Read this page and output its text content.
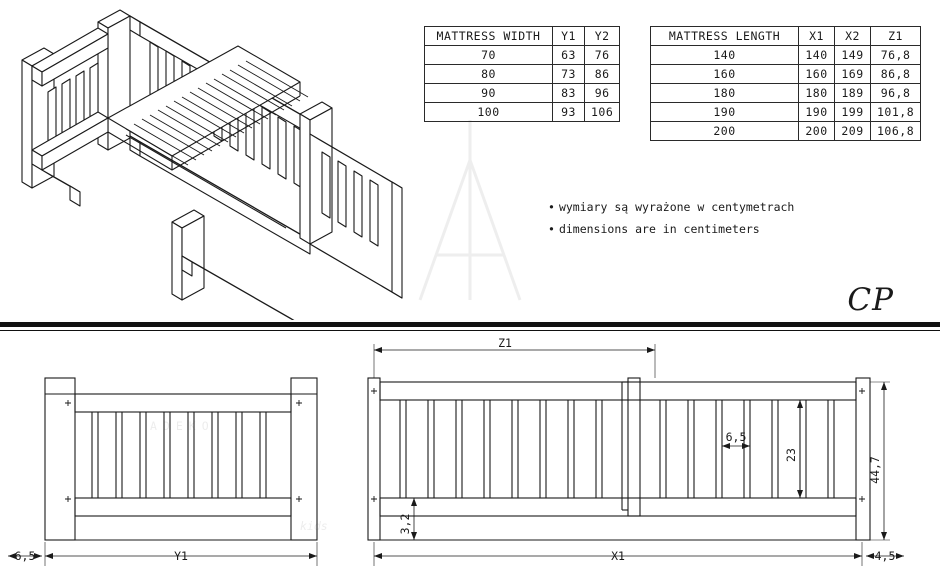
ADEKO
kids
MATTRESS WIDTH	Y1	Y2
70	63	76
80	73	86
90	83	96
100	93	106
MATTRESS LENGTH	X1	X2	Z1
140	140	149	76,8
160	160	169	86,8
180	180	189	96,8
190	190	199	101,8
200	200	209	106,8
• wymiary są wyrażone w centymetrach
• dimensions are in centimeters
CP
Z1
X1
Y1
6,5	4,5
6,5
23
44,7
3,2
